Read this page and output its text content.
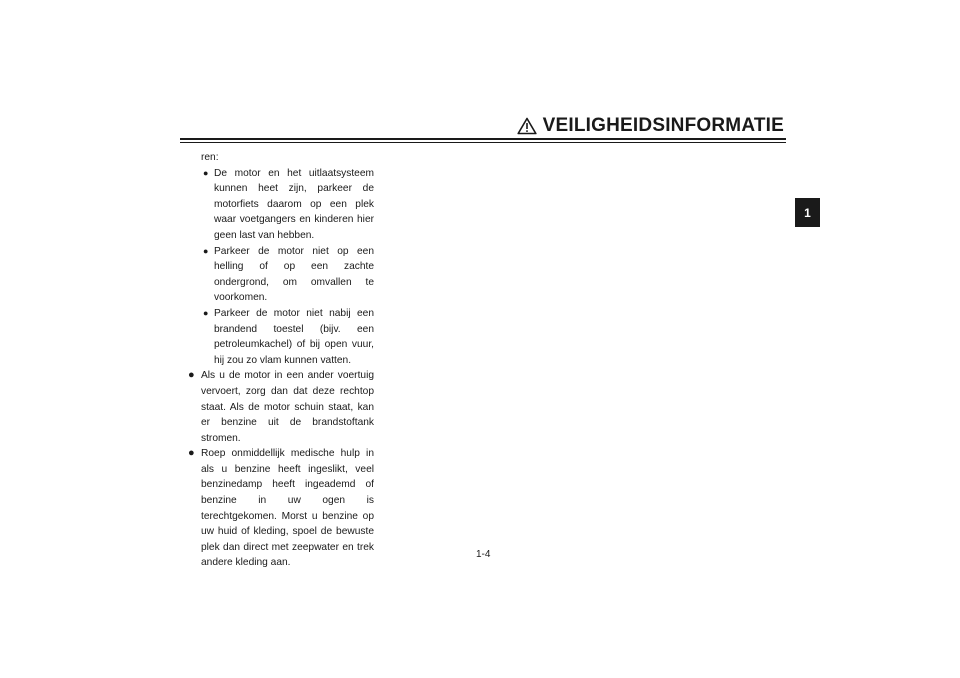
VEILIGHEIDSINFORMATIE
1
ren:
● De motor en het uitlaatsysteem kunnen heet zijn, parkeer de motorfiets daarom op een plek waar voetgangers en kinderen hier geen last van hebben.
● Parkeer de motor niet op een helling of op een zachte ondergrond, om omvallen te voorkomen.
● Parkeer de motor niet nabij een brandend toestel (bijv. een petroleumkachel) of bij open vuur, hij zou zo vlam kunnen vatten.
● Als u de motor in een ander voertuig vervoert, zorg dan dat deze rechtop staat. Als de motor schuin staat, kan er benzine uit de brandstoftank stromen.
● Roep onmiddellijk medische hulp in als u benzine heeft ingeslikt, veel benzinedamp heeft ingeademd of benzine in uw ogen is terechtgekomen. Morst u benzine op uw huid of kleding, spoel de bewuste plek dan direct met zeepwater en trek andere kleding aan.
1-4
